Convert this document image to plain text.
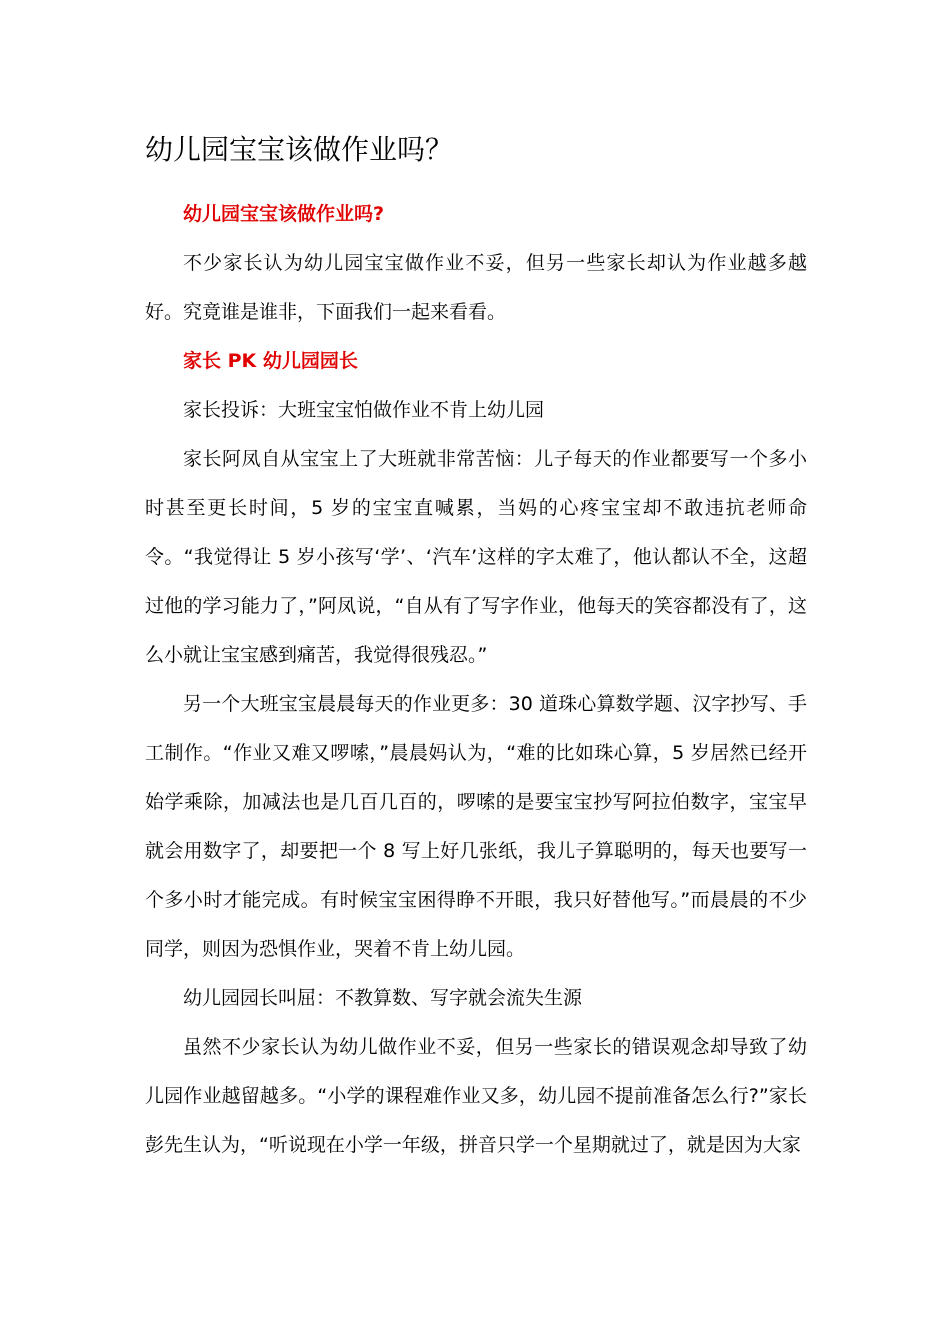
幼儿园宝宝该做作业吗？

幼儿园宝宝该做作业吗?

不少家长认为幼儿园宝宝做作业不妥，但另一些家长却认为作业越多越好。究竟谁是谁非，下面我们一起来看看。

家长 PK 幼儿园园长

家长投诉：大班宝宝怕做作业不肯上幼儿园

家长阿凤自从宝宝上了大班就非常苦恼：儿子每天的作业都要写一个多小时甚至更长时间，5 岁的宝宝直喊累，当妈的心疼宝宝却不敢违抗老师命令。“我觉得让 5 岁小孩写‘学’、‘汽车’这样的字太难了，他认都认不全，这超过他的学习能力了，”阿凤说，“自从有了写字作业，他每天的笑容都没有了，这么小就让宝宝感到痛苦，我觉得很残忍。”

另一个大班宝宝晨晨每天的作业更多：30 道珠心算数学题、汉字抄写、手工制作。“作业又难又啰嗦，”晨晨妈认为，“难的比如珠心算，5 岁居然已经开始学乘除，加减法也是几百几百的，啰嗦的是要宝宝抄写阿拉伯数字，宝宝早就会用数字了，却要把一个 8 写上好几张纸，我儿子算聪明的，每天也要写一个多小时才能完成。有时候宝宝困得睁不开眼，我只好替他写。”而晨晨的不少同学，则因为恐惧作业，哭着不肯上幼儿园。

幼儿园园长叫屈：不教算数、写字就会流失生源

虽然不少家长认为幼儿做作业不妥，但另一些家长的错误观念却导致了幼儿园作业越留越多。“小学的课程难作业又多，幼儿园不提前准备怎么行?”家长彭先生认为，“听说现在小学一年级，拼音只学一个星期就过了，就是因为大家
